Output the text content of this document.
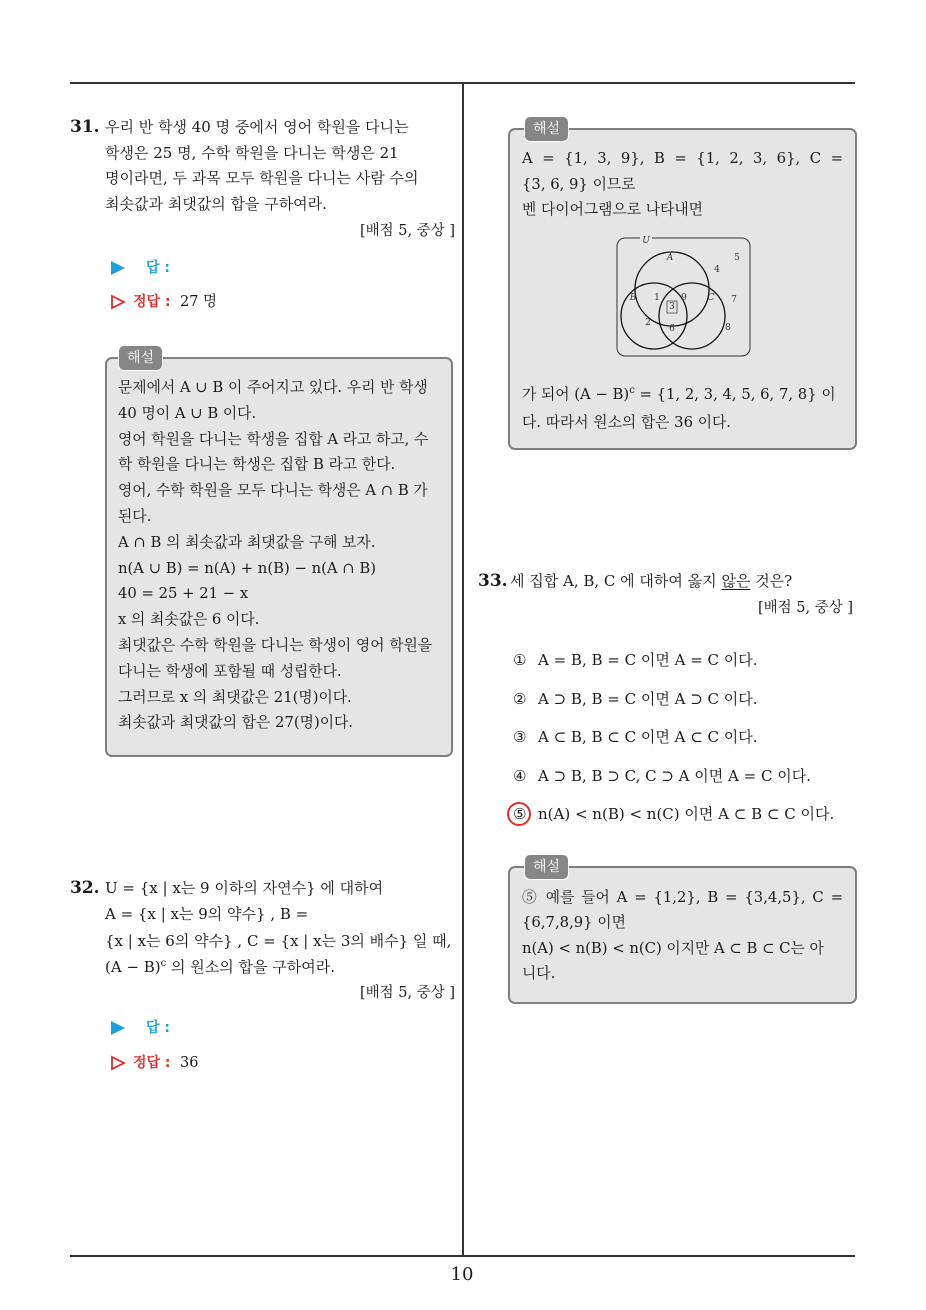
31. 우리 반 학생 40 명 중에서 영어 학원을 다니는
학생은 25 명, 수학 학원을 다니는 학생은 21
명이라면, 두 과목 모두 학원을 다니는 사람 수의
최솟값과 최댓값의 합을 구하여라.
[배점 5, 중상 ]
답 :
정답 : 27 명
해설
문제에서 A ∪ B 이 주어지고 있다. 우리 반 학생
40 명이 A ∪ B 이다.
영어 학원을 다니는 학생을 집합 A 라고 하고, 수
학 학원을 다니는 학생은 집합 B 라고 한다.
영어, 수학 학원을 모두 다니는 학생은 A ∩ B 가
된다.
A ∩ B 의 최솟값과 최댓값을 구해 보자.
n(A ∪ B) = n(A) + n(B) − n(A ∩ B)
40 = 25 + 21 − x
x 의 최솟값은 6 이다.
최댓값은 수학 학원을 다니는 학생이 영어 학원을
다니는 학생에 포함될 때 성립한다.
그러므로 x 의 최댓값은 21(명)이다.
최솟값과 최댓값의 합은 27(명)이다.
32. U = {x | x는 9 이하의 자연수} 에 대하여
A = {x | x는 9의 약수} , B =
{x | x는 6의 약수} , C = {x | x는 3의 배수} 일 때,
$(A - B)^c$ 의 원소의 합을 구하여라.
[배점 5, 중상 ]
답 :
정답 : 36
해설
A = {1, 3, 9}, B = {1, 2, 3, 6}, C =
{3, 6, 9} 이므로
벤 다이어그램으로 나타내면
U
A
B	C
1 9
3
2
6
4
5
7
8
가 되어 $(A - B)^c = \{1$, 2, 3, 4, 5, 6, 7, 8} 이
다. 따라서 원소의 합은 36 이다.
33. 세 집합 A, B, C 에 대하여 옳지 않은 것은?
[배점 5, 중상 ]
① A = B, B = C 이면 A = C 이다.
② A ⊃ B, B = C 이면 A ⊃ C 이다.
③ A ⊂ B, B ⊂ C 이면 A ⊂ C 이다.
④ A ⊃ B, B ⊃ C, C ⊃ A 이면 A = C 이다.
⑤ n(A) < n(B) < n(C) 이면 A ⊂ B ⊂ C 이다.
해설
⑤ 예를 들어 A = {1,2}, B = {3,4,5}, C =
{6,7,8,9} 이면
n(A) < n(B) < n(C) 이지만 A ⊂ B ⊂ C는 아
니다.
10
